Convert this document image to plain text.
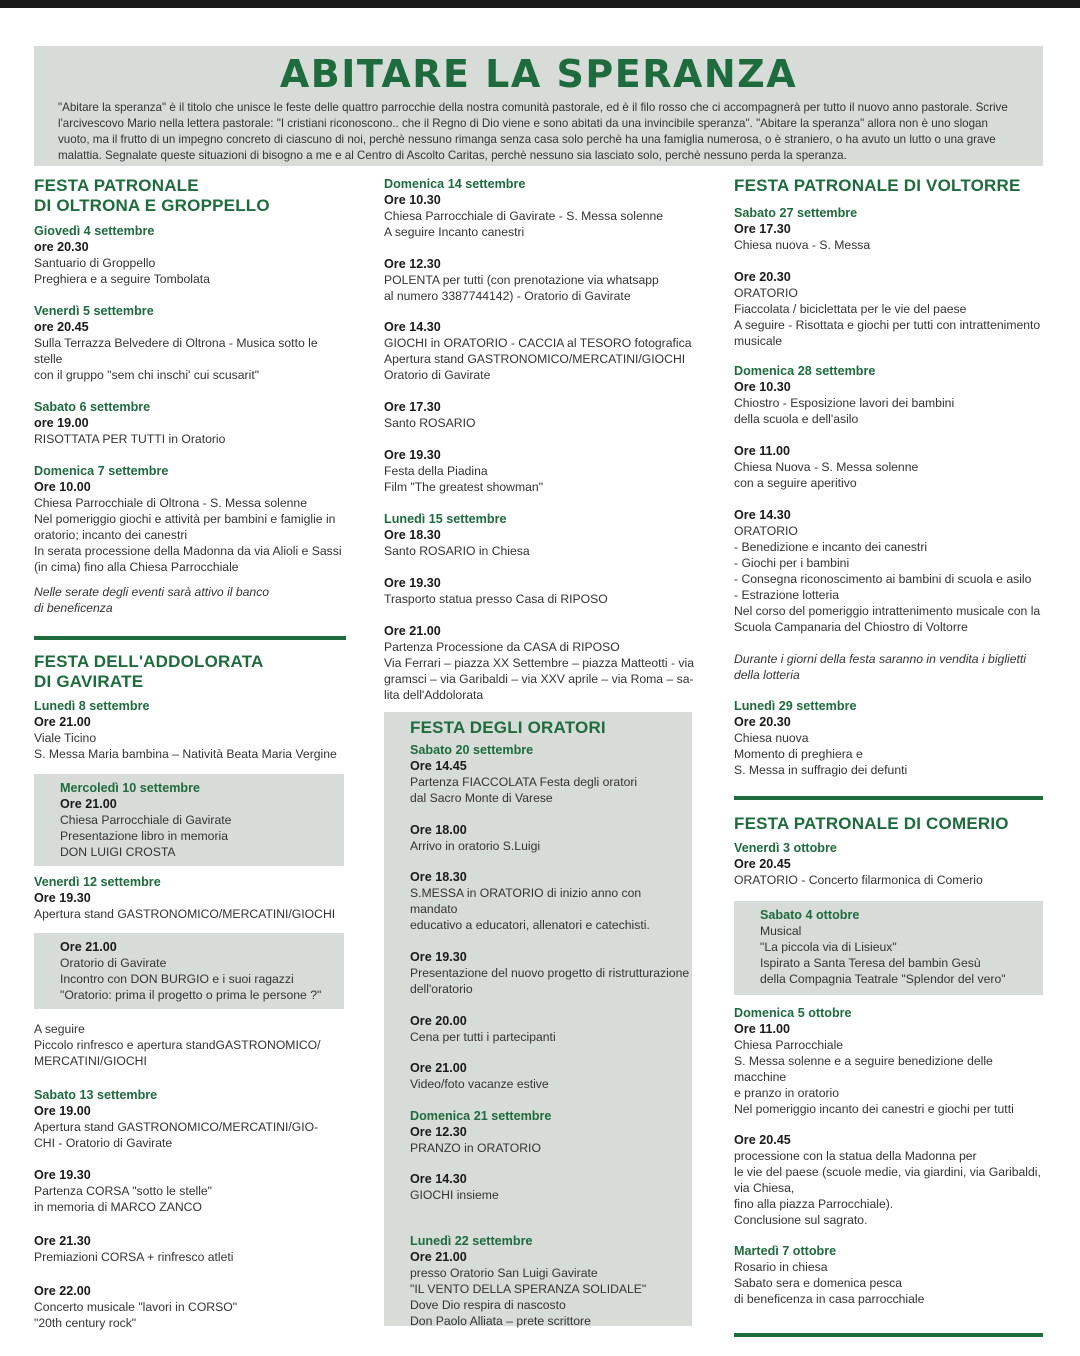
ABITARE LA SPERANZA
"Abitare la speranza" è il titolo che unisce le feste delle quattro parrocchie della nostra comunità pastorale, ed è il filo rosso che ci accompagnerà per tutto il nuovo anno pastorale. Scrive l'arcivescovo Mario nella lettera pastorale: "I cristiani riconoscono.. che il Regno di Dio viene e sono abitati da una invincibile speranza". "Abitare la speranza" allora non è uno slogan vuoto, ma il frutto di un impegno concreto di ciascuno di noi, perchè nessuno rimanga senza casa solo perchè ha una famiglia numerosa, o è straniero, o ha avuto un lutto o una grave malattia. Segnalate queste situazioni di bisogno a me e al Centro di Ascolto Caritas, perchè nessuno sia lasciato solo, perchè nessuno perda la speranza.
FESTA PATRONALE
DI OLTRONA E GROPPELLO
Giovedì 4 settembre
ore 20.30
Santuario di Groppello
Preghiera e a seguire Tombolata
Venerdì 5 settembre
ore 20.45
Sulla Terrazza Belvedere di Oltrona - Musica sotto le stelle
con il gruppo "sem chi inschi' cui scusarit"
Sabato 6 settembre
ore 19.00
RISOTTATA PER TUTTI in Oratorio
Domenica 7 settembre
Ore 10.00
Chiesa Parrocchiale di Oltrona - S. Messa solenne
Nel pomeriggio giochi e attività per bambini e famiglie in
oratorio; incanto dei canestri
In serata processione della Madonna da via Alioli e Sassi
(in cima) fino alla Chiesa Parrocchiale
Nelle serate degli eventi sarà attivo il banco
di beneficenza
FESTA DELL'ADDOLORATA
DI GAVIRATE
Lunedì 8 settembre
Ore 21.00
Viale Ticino
S. Messa Maria bambina – Natività Beata Maria Vergine
Mercoledì 10 settembre
Ore 21.00
Chiesa Parrocchiale di Gavirate
Presentazione libro in memoria
DON LUIGI CROSTA
Venerdì 12 settembre
Ore 19.30
Apertura stand GASTRONOMICO/MERCATINI/GIOCHI
Ore 21.00
Oratorio di Gavirate
Incontro con DON BURGIO e i suoi ragazzi
"Oratorio: prima il progetto o prima le persone ?"
A seguire
Piccolo rinfresco e apertura standGASTRONOMICO/
MERCATINI/GIOCHI
Sabato 13 settembre
Ore 19.00
Apertura stand GASTRONOMICO/MERCATINI/GIO-
CHI - Oratorio di Gavirate
Ore 19.30
Partenza CORSA "sotto le stelle"
in memoria di MARCO ZANCO
Ore 21.30
Premiazioni CORSA + rinfresco atleti
Ore 22.00
Concerto musicale "lavori in CORSO"
"20th century rock"
Domenica 14 settembre
Ore 10.30
Chiesa Parrocchiale di Gavirate - S. Messa solenne
A seguire Incanto canestri
Ore 12.30
POLENTA per tutti (con prenotazione via whatsapp
al numero 3387744142) - Oratorio di Gavirate
Ore 14.30
GIOCHI in ORATORIO - CACCIA al TESORO fotografica
Apertura stand GASTRONOMICO/MERCATINI/GIOCHI
Oratorio di Gavirate
Ore 17.30
Santo ROSARIO
Ore 19.30
Festa della Piadina
Film "The greatest showman"
Lunedì 15 settembre
Ore 18.30
Santo ROSARIO in Chiesa
Ore 19.30
Trasporto statua presso Casa di RIPOSO
Ore 21.00
Partenza Processione da CASA di RIPOSO
Via Ferrari – piazza XX Settembre – piazza Matteotti - via
gramsci – via Garibaldi – via XXV aprile – via Roma – sa-
lita dell'Addolorata
FESTA DEGLI ORATORI
Sabato 20 settembre
Ore 14.45
Partenza FIACCOLATA Festa degli oratori
dal Sacro Monte di Varese
Ore 18.00
Arrivo in oratorio S.Luigi
Ore 18.30
S.MESSA in ORATORIO di inizio anno con mandato
educativo a educatori, allenatori e catechisti.
Ore 19.30
Presentazione del nuovo progetto di ristrutturazione
dell'oratorio
Ore 20.00
Cena per tutti i partecipanti
Ore 21.00
Video/foto vacanze estive
Domenica 21 settembre
Ore 12.30
PRANZO in ORATORIO
Ore 14.30
GIOCHI insieme
Lunedì 22 settembre
Ore 21.00
presso Oratorio San Luigi Gavirate
"IL VENTO DELLA SPERANZA SOLIDALE"
Dove Dio respira di nascosto
Don Paolo Alliata – prete scrittore
FESTA PATRONALE DI VOLTORRE
Sabato 27 settembre
Ore 17.30
Chiesa nuova - S. Messa
Ore 20.30
ORATORIO
Fiaccolata / biciclettata per le vie del paese
A seguire - Risottata e giochi per tutti con intrattenimento
musicale
Domenica 28 settembre
Ore 10.30
Chiostro - Esposizione lavori dei bambini
della scuola e dell'asilo
Ore 11.00
Chiesa Nuova - S. Messa solenne
con a seguire aperitivo
Ore 14.30
ORATORIO
- Benedizione e incanto dei canestri
- Giochi per i bambini
- Consegna riconoscimento ai bambini di scuola e asilo
- Estrazione lotteria
Nel corso del pomeriggio intrattenimento musicale con la
Scuola Campanaria del Chiostro di Voltorre
Durante i giorni della festa saranno in vendita i biglietti
della lotteria
Lunedì 29 settembre
Ore 20.30
Chiesa nuova
Momento di preghiera e
S. Messa in suffragio dei defunti
FESTA PATRONALE DI COMERIO
Venerdì 3 ottobre
Ore 20.45
ORATORIO - Concerto filarmonica di Comerio
Sabato 4 ottobre
Musical
"La piccola via di Lisieux"
Ispirato a Santa Teresa del bambin Gesù
della Compagnia Teatrale "Splendor del vero"
Domenica 5 ottobre
Ore 11.00
Chiesa Parrocchiale
S. Messa solenne e a seguire benedizione delle macchine
e pranzo in oratorio
Nel pomeriggio incanto dei canestri e giochi per tutti
Ore 20.45
processione con la statua della Madonna per
le vie del paese (scuole medie, via giardini, via Garibaldi,
via Chiesa,
fino alla piazza Parrocchiale).
Conclusione sul sagrato.
Martedì 7 ottobre
Rosario in chiesa
Sabato sera e domenica pesca
di beneficenza in casa parrocchiale
